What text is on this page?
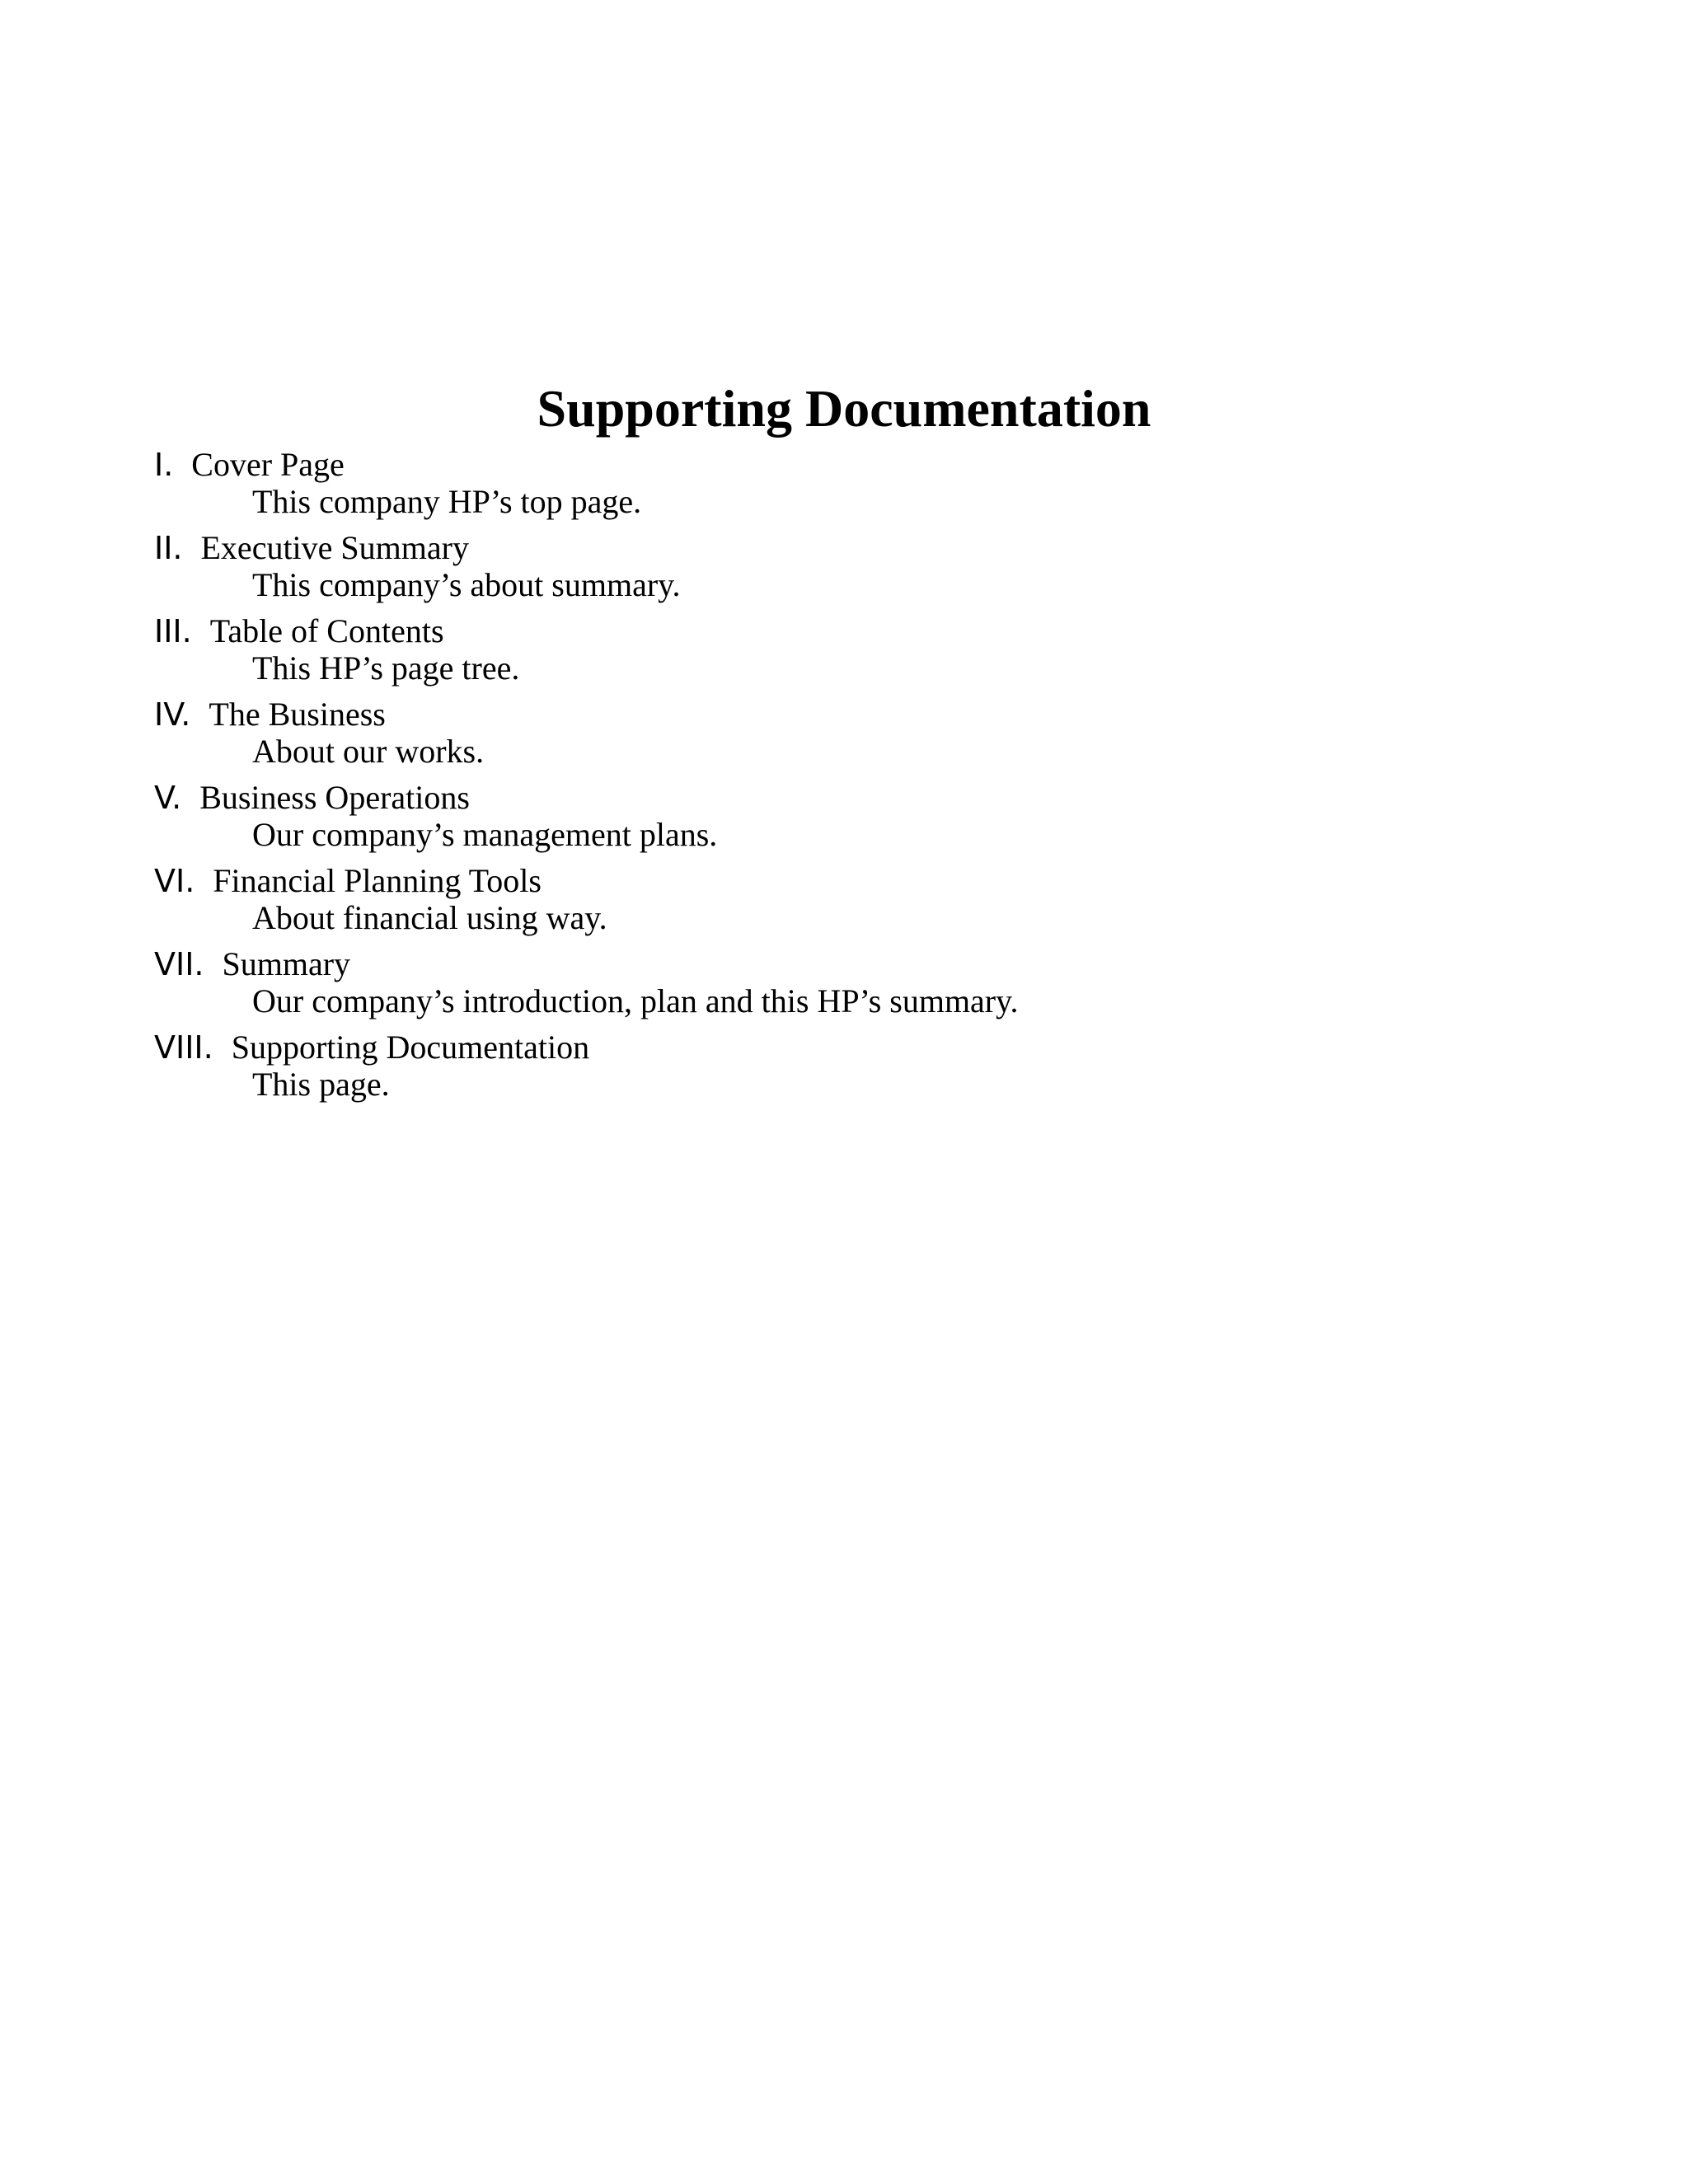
Supporting Documentation
I. Cover Page
This company HP’s top page.
II. Executive Summary
This company’s about summary.
III. Table of Contents
This HP’s page tree.
IV. The Business
About our works.
V. Business Operations
Our company’s management plans.
VI. Financial Planning Tools
About financial using way.
VII. Summary
Our company’s introduction, plan and this HP’s summary.
VIII. Supporting Documentation
This page.
